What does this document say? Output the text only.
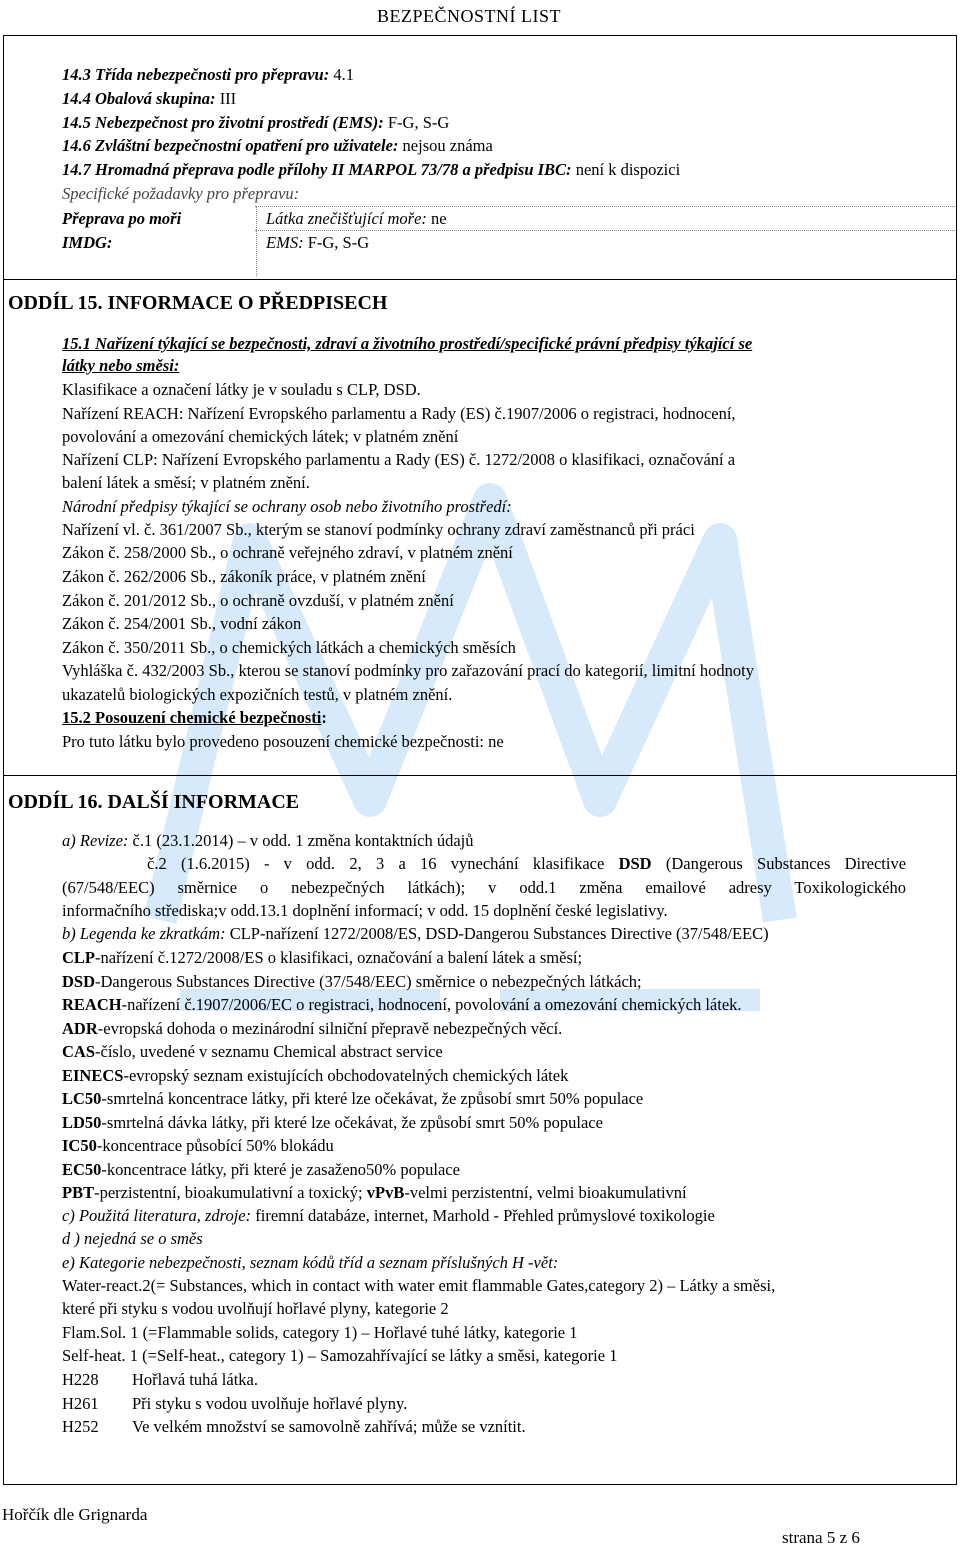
BEZPEČNOSTNÍ LIST
14.3 Třída nebezpečnosti pro přepravu: 4.1
14.4 Obalová skupina: III
14.5 Nebezpečnost pro životní prostředí (EMS): F-G, S-G
14.6 Zvláštní bezpečnostní opatření pro uživatele: nejsou známa
14.7 Hromadná přeprava podle přílohy II MARPOL 73/78 a předpisu IBC: není k dispozici
Specifické požadavky pro přepravu:
Přeprava po moři	Látka znečišťující moře: ne
IMDG:	EMS: F-G, S-G
ODDÍL 15. INFORMACE O PŘEDPISECH
15.1 Nařízení týkající se bezpečnosti, zdraví a životního prostředí/specifické právní předpisy týkající se
látky nebo směsi:
Klasifikace a označení látky je v souladu s CLP, DSD.
Nařízení REACH: Nařízení Evropského parlamentu a Rady (ES) č.1907/2006 o registraci, hodnocení,
povolování a omezování chemických látek; v platném znění
Nařízení CLP: Nařízení Evropského parlamentu a Rady (ES) č. 1272/2008 o klasifikaci, označování a
balení látek a směsí; v platném znění.
Národní předpisy týkající se ochrany osob nebo životního prostředí:
Nařízení vl. č. 361/2007 Sb., kterým se stanoví podmínky ochrany zdraví zaměstnanců při práci
Zákon č. 258/2000 Sb., o ochraně veřejného zdraví, v platném znění
Zákon č. 262/2006 Sb., zákoník práce, v platném znění
Zákon č. 201/2012 Sb., o ochraně ovzduší, v platném znění
Zákon č. 254/2001 Sb., vodní zákon
Zákon č. 350/2011 Sb., o chemických látkách a chemických směsích
Vyhláška č. 432/2003 Sb., kterou se stanoví podmínky pro zařazování prací do kategorií, limitní hodnoty
ukazatelů biologických expozičních testů, v platném znění.
15.2 Posouzení chemické bezpečnosti:
Pro tuto látku bylo provedeno posouzení chemické bezpečnosti: ne
ODDÍL 16. DALŠÍ INFORMACE
a) Revize: č.1 (23.1.2014) – v odd. 1 změna kontaktních údajů
č.2 (1.6.2015) - v odd. 2, 3 a 16 vynechání klasifikace DSD (Dangerous Substances Directive
(67/548/EEC) směrnice o nebezpečných látkách); v odd.1 změna emailové adresy Toxikologického
informačního střediska;v odd.13.1 doplnění informací; v odd. 15 doplnění české legislativy.
b) Legenda ke zkratkám: CLP-nařízení 1272/2008/ES, DSD-Dangerou Substances Directive (37/548/EEC)
CLP-nařízení č.1272/2008/ES o klasifikaci, označování a balení látek a směsí;
DSD-Dangerous Substances Directive (37/548/EEC) směrnice o nebezpečných látkách;
REACH-nařízení č.1907/2006/EC o registraci, hodnocení, povolování a omezování chemických látek.
ADR-evropská dohoda o mezinárodní silniční přepravě nebezpečných věcí.
CAS-číslo, uvedené v seznamu Chemical abstract service
EINECS-evropský seznam existujících obchodovatelných chemických látek
LC50-smrtelná koncentrace látky, při které lze očekávat, že způsobí smrt 50% populace
LD50-smrtelná dávka látky, při které lze očekávat, že způsobí smrt 50% populace
IC50-koncentrace působící 50% blokádu
EC50-koncentrace látky, při které je zasaženo50% populace
PBT-perzistentní, bioakumulativní a toxický; vPvB-velmi perzistentní, velmi bioakumulativní
c) Použitá literatura, zdroje: firemní databáze, internet, Marhold - Přehled průmyslové toxikologie
d ) nejedná se o směs
e) Kategorie nebezpečnosti, seznam kódů tříd a seznam příslušných H -vět:
Water-react.2(= Substances, which in contact with water emit flammable Gates,category 2) – Látky a směsi,
které při styku s vodou uvolňují hořlavé plyny, kategorie 2
Flam.Sol. 1 (=Flammable solids, category 1) – Hořlavé tuhé látky, kategorie 1
Self-heat. 1 (=Self-heat., category 1) – Samozahřívající se látky a směsi, kategorie 1
H228 Hořlavá tuhá látka.
H261 Při styku s vodou uvolňuje hořlavé plyny.
H252 Ve velkém množství se samovolně zahřívá; může se vznítit.
Hořčík dle Grignarda
strana 5 z 6
